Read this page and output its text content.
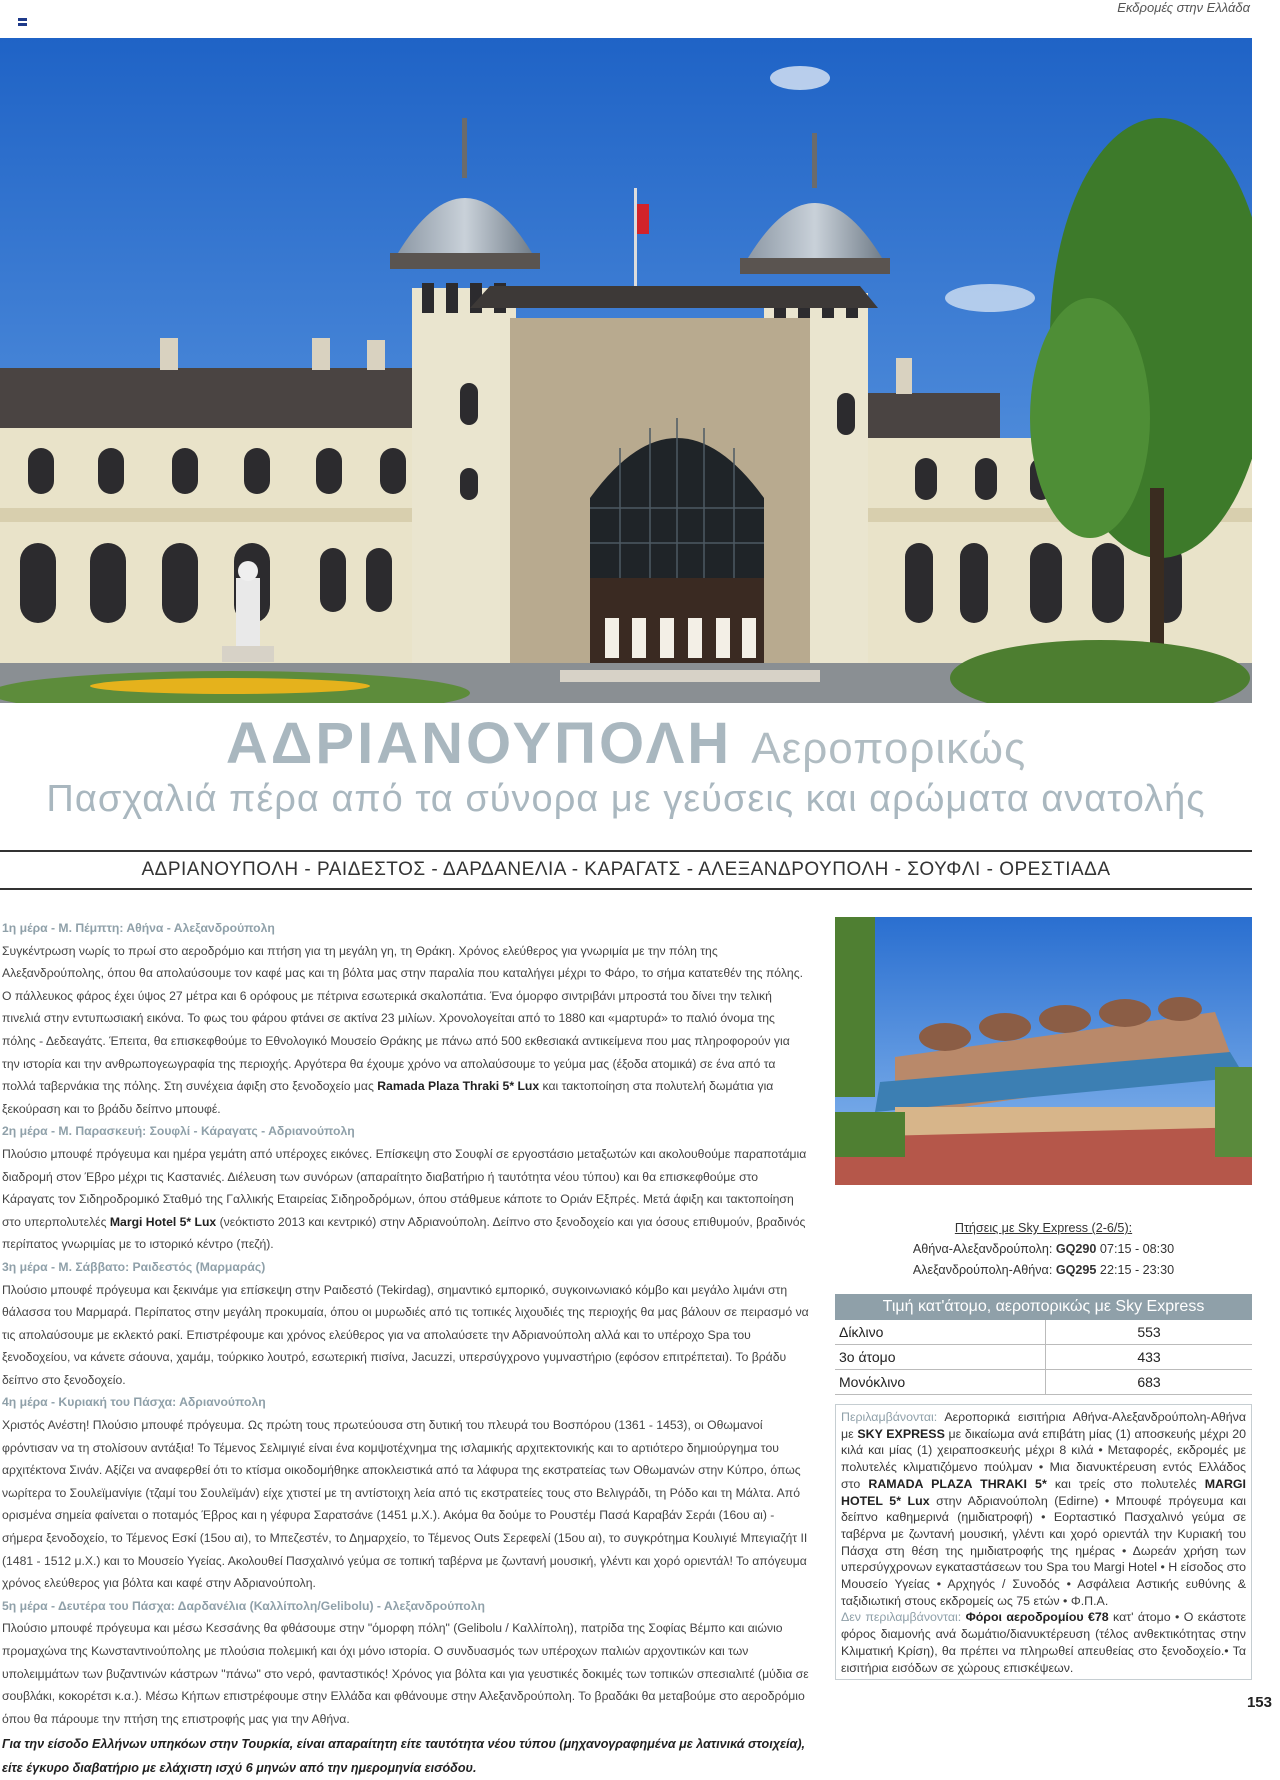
Εκδρομές στην Ελλάδα
ΑΔΡΙΑΝΟΥΠΟΛΗ Αεροπορικώς
Πασχαλιά πέρα από τα σύνορα με γεύσεις και αρώματα ανατολής
ΑΔΡΙΑΝΟΥΠΟΛΗ - ΡΑΙΔΕΣΤΟΣ - ΔΑΡΔΑΝΕΛΙΑ - ΚΑΡΑΓΑΤΣ - ΑΛΕΞΑΝΔΡΟΥΠΟΛΗ - ΣΟΥΦΛΙ - ΟΡΕΣΤΙΑΔΑ

1η μέρα - Μ. Πέμπτη: Αθήνα - Αλεξανδρούπολη

Συγκέντρωση νωρίς το πρωί στο αεροδρόμιο και πτήση για τη μεγάλη γη, τη Θράκη. Χρόνος ελεύθερος για γνωριμία με την πόλη της Αλεξανδρούπολης, όπου θα απολαύσουμε τον καφέ μας και τη βόλτα μας στην παραλία που καταλήγει μέχρι το Φάρο, το σήμα κατατεθέν της πόλης. Ο πάλλευκος φάρος έχει ύψος 27 μέτρα και 6 ορόφους με πέτρινα εσωτερικά σκαλοπάτια. Ένα όμορφο σιντριβάνι μπροστά του δίνει την τελική πινελιά στην εντυπωσιακή εικόνα. Το φως του φάρου φτάνει σε ακτίνα 23 μιλίων. Χρονολογείται από το 1880 και «μαρτυρά» το παλιό όνομα της πόλης - Δεδεαγάτς. Έπειτα, θα επισκεφθούμε το Εθνολογικό Μουσείο Θράκης με πάνω από 500 εκθεσιακά αντικείμενα που μας πληροφορούν για την ιστορία και την ανθρωπογεωγραφία της περιοχής. Αργότερα θα έχουμε χρόνο να απολαύσουμε το γεύμα μας (έξοδα ατομικά) σε ένα από τα πολλά ταβερνάκια της πόλης. Στη συνέχεια άφιξη στο ξενοδοχείο μας Ramada Plaza Thraki 5* Lux και τακτοποίηση στα πολυτελή δωμάτια για ξεκούραση και το βράδυ δείπνο μπουφέ.

2η μέρα - Μ. Παρασκευή: Σουφλί - Κάραγατς - Αδριανούπολη

Πλούσιο μπουφέ πρόγευμα και ημέρα γεμάτη από υπέροχες εικόνες. Επίσκεψη στο Σουφλί σε εργοστάσιο μεταξωτών και ακολουθούμε παραποτάμια διαδρομή στον Έβρο μέχρι τις Καστανιές. Διέλευση των συνόρων (απαραίτητο διαβατήριο ή ταυτότητα νέου τύπου) και θα επισκεφθούμε στο Κάραγατς τον Σιδηροδρομικό Σταθμό της Γαλλικής Εταιρείας Σιδηροδρόμων, όπου στάθμευε κάποτε το Οριάν Εξπρές. Μετά άφιξη και τακτοποίηση στο υπερπολυτελές Margi Hotel 5* Lux (νεόκτιστο 2013 και κεντρικό) στην Αδριανούπολη. Δείπνο στο ξενοδοχείο και για όσους επιθυμούν, βραδινός περίπατος γνωριμίας με το ιστορικό κέντρο (πεζή).

3η μέρα - Μ. Σάββατο: Ραιδεστός (Μαρμαράς)

Πλούσιο μπουφέ πρόγευμα και ξεκινάμε για επίσκεψη στην Ραιδεστό (Tekirdag), σημαντικό εμπορικό, συγκοινωνιακό κόμβο και μεγάλο λιμάνι στη θάλασσα του Μαρμαρά. Περίπατος στην μεγάλη προκυμαία, όπου οι μυρωδιές από τις τοπικές λιχουδιές της περιοχής θα μας βάλουν σε πειρασμό να τις απολαύσουμε με εκλεκτό ρακί. Επιστρέφουμε και χρόνος ελεύθερος για να απολαύσετε την Αδριανούπολη αλλά και το υπέροχο Spa του ξενοδοχείου, να κάνετε σάουνα, χαμάμ, τούρκικο λουτρό, εσωτερική πισίνα, Jacuzzi, υπερσύγχρονο γυμναστήριο (εφόσον επιτρέπεται). Το βράδυ δείπνο στο ξενοδοχείο.

4η μέρα - Κυριακή του Πάσχα: Αδριανούπολη

Χριστός Ανέστη! Πλούσιο μπουφέ πρόγευμα. Ως πρώτη τους πρωτεύουσα στη δυτική του πλευρά του Βοσπόρου (1361 - 1453), οι Οθωμανοί φρόντισαν να τη στολίσουν αντάξια! Το Τέμενος Σελιμιγιέ είναι ένα κομψοτέχνημα της ισλαμικής αρχιτεκτονικής και το αρτιότερο δημιούργημα του αρχιτέκτονα Σινάν. Αξίζει να αναφερθεί ότι το κτίσμα οικοδομήθηκε αποκλειστικά από τα λάφυρα της εκστρατείας των Οθωμανών στην Κύπρο, όπως νωρίτερα το Σουλεϊμανίγιε (τζαμί του Σουλεϊμάν) είχε χτιστεί με τη αντίστοιχη λεία από τις εκστρατείες τους στο Βελιγράδι, τη Ρόδο και τη Μάλτα. Από ορισμένα σημεία φαίνεται ο ποταμός Έβρος και η γέφυρα Σαρατσάνε (1451 μ.Χ.). Ακόμα θα δούμε το Ρουστέμ Πασά Καραβάν Σεράι (16ου αι) - σήμερα ξενοδοχείο, το Τέμενος Εσκί (15ου αι), το Μπεζεστέν, το Δημαρχείο, το Τέμενος Outs Σερεφελί (15ου αι), το συγκρότημα Κουλιγιέ Μπεγιαζήτ ΙΙ (1481 - 1512 μ.Χ.) και το Μουσείο Υγείας. Ακολουθεί Πασχαλινό γεύμα σε τοπική ταβέρνα με ζωντανή μουσική, γλέντι και χορό οριεντάλ! Το απόγευμα χρόνος ελεύθερος για βόλτα και καφέ στην Αδριανούπολη.

5η μέρα - Δευτέρα του Πάσχα: Δαρδανέλια (Καλλίπολη/Gelibolu) - Αλεξανδρούπολη

Πλούσιο μπουφέ πρόγευμα και μέσω Κεσσάνης θα φθάσουμε στην "όμορφη πόλη" (Gelibolu / Καλλίπολη), πατρίδα της Σοφίας Βέμπο και αιώνιο προμαχώνα της Κωνσταντινούπολης με πλούσια πολεμική και όχι μόνο ιστορία. Ο συνδυασμός των υπέροχων παλιών αρχοντικών και των υπολειμμάτων των βυζαντινών κάστρων "πάνω" στο νερό, φανταστικός! Χρόνος για βόλτα και για γευστικές δοκιμές των τοπικών σπεσιαλιτέ (μύδια σε σουβλάκι, κοκορέτσι κ.α.). Μέσω Κήπων επιστρέφουμε στην Ελλάδα και φθάνουμε στην Αλεξανδρούπολη. Το βραδάκι θα μεταβούμε στο αεροδρόμιο όπου θα πάρουμε την πτήση της επιστροφής μας για την Αθήνα.

Για την είσοδο Ελλήνων υπηκόων στην Τουρκία, είναι απαραίτητη είτε ταυτότητα νέου τύπου (μηχανογραφημένα με λατινικά στοιχεία), είτε έγκυρο διαβατήριο με ελάχιστη ισχύ 6 μηνών από την ημερομηνία εισόδου.

Πτήσεις με Sky Express (2-6/5):
Αθήνα-Αλεξανδρούπολη: GQ290 07:15 - 08:30
Αλεξανδρούπολη-Αθήνα: GQ295 22:15 - 23:30
Τιμή κατ'άτομο, αεροπορικώς με Sky Express	
Δίκλινο	553
3ο άτομο	433
Μονόκλινο	683
Περιλαμβάνονται: Αεροπορικά εισιτήρια Αθήνα-Αλεξανδρούπολη-Αθήνα με SKY EXPRESS με δικαίωμα ανά επιβάτη μίας (1) αποσκευής μέχρι 20 κιλά και μίας (1) χειραποσκευής μέχρι 8 κιλά • Μεταφορές, εκδρομές με πολυτελές κλιματιζόμενο πούλμαν • Μια διανυκτέρευση εντός Ελλάδος στο RAMADA PLAZA THRAKI 5* και τρείς στο πολυτελές MARGI HOTEL 5* Lux στην Αδριανούπολη (Edirne) • Μπουφέ πρόγευμα και δείπνο καθημερινά (ημιδιατροφή) • Εορταστικό Πασχαλινό γεύμα σε ταβέρνα με ζωντανή μουσική, γλέντι και χορό οριεντάλ την Κυριακή του Πάσχα στη θέση της ημιδιατροφής της ημέρας • Δωρεάν χρήση των υπερσύγχρονων εγκαταστάσεων του Spa του Margi Hotel • Η είσοδος στο Μουσείο Υγείας • Αρχηγός / Συνοδός • Ασφάλεια Αστικής ευθύνης & ταξιδιωτική στους εκδρομείς ως 75 ετών • Φ.Π.Α.
Δεν περιλαμβάνονται: Φόροι αεροδρομίου €78 κατ' άτομο • Ο εκάστοτε φόρος διαμονής ανά δωμάτιο/διανυκτέρευση (τέλος ανθεκτικότητας στην Κλιματική Κρίση), θα πρέπει να πληρωθεί απευθείας στο ξενοδοχείο.• Τα εισιτήρια εισόδων σε χώρους επισκέψεων.
153
